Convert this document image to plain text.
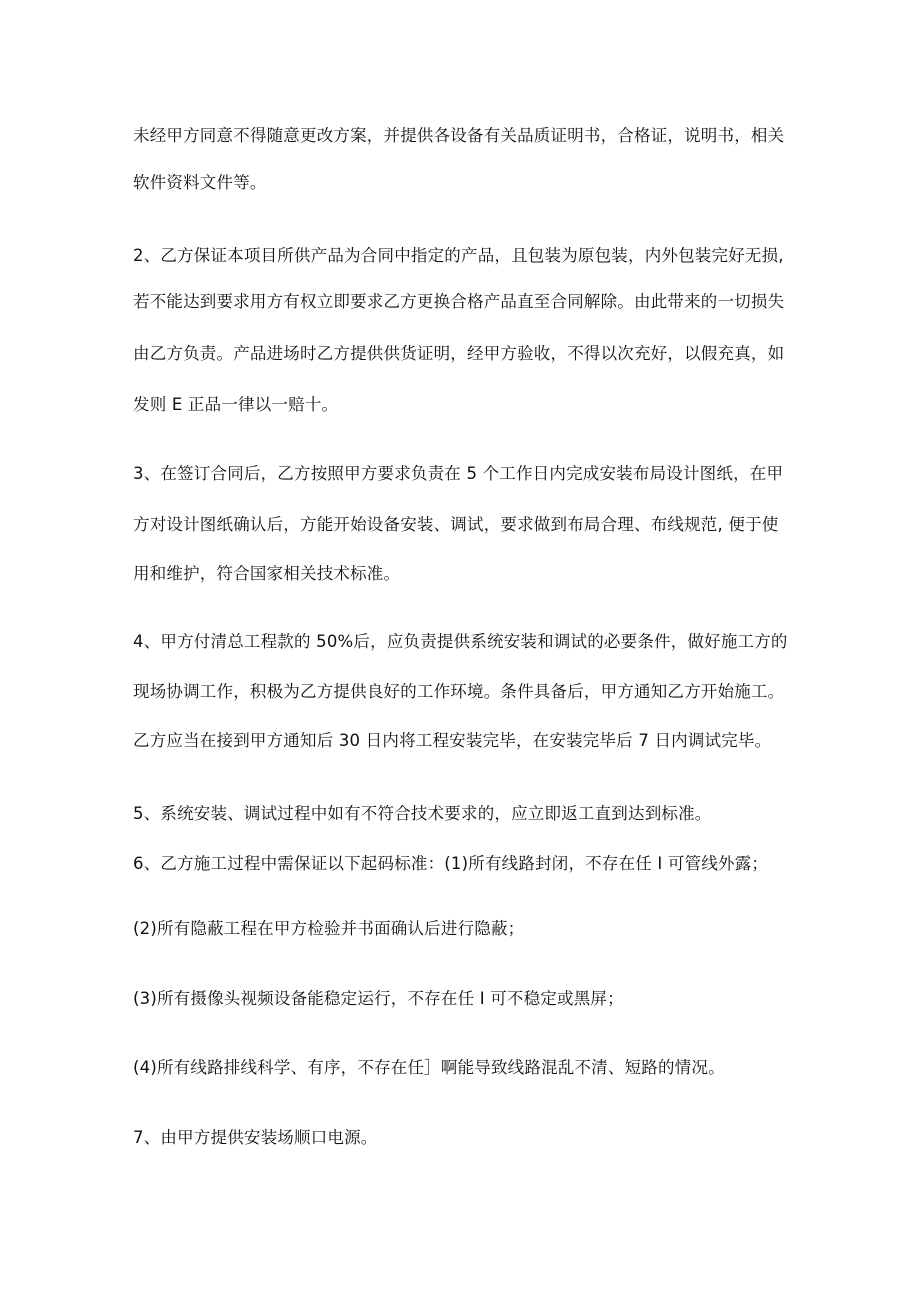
未经甲方同意不得随意更改方案，并提供各设备有关品质证明书，合格证，说明书，相关
软件资料文件等。
2、乙方保证本项目所供产品为合同中指定的产品，且包装为原包装，内外包装完好无损,
若不能达到要求用方有权立即要求乙方更换合格产品直至合同解除。由此带来的一切损失
由乙方负责。产品进场时乙方提供供货证明，经甲方验收，不得以次充好，以假充真，如
发则 E 正品一律以一赔十。
3、在签订合同后，乙方按照甲方要求负责在 5 个工作日内完成安装布局设计图纸，在甲
方对设计图纸确认后，方能开始设备安装、调试，要求做到布局合理、布线规范, 便于使
用和维护，符合国家相关技术标准。
4、甲方付清总工程款的 50%后，应负责提供系统安装和调试的必要条件，做好施工方的
现场协调工作，积极为乙方提供良好的工作环境。条件具备后，甲方通知乙方开始施工。
乙方应当在接到甲方通知后 30 日内将工程安装完毕，在安装完毕后 7 日内调试完毕。
5、系统安装、调试过程中如有不符合技术要求的，应立即返工直到达到标准。
6、乙方施工过程中需保证以下起码标准：(1)所有线路封闭，不存在任 I 可管线外露；
(2)所有隐蔽工程在甲方检验并书面确认后进行隐蔽；
(3)所有摄像头视频设备能稳定运行，不存在任 I 可不稳定或黑屏；
(4)所有线路排线科学、有序，不存在任］啊能导致线路混乱不清、短路的情况。
7、由甲方提供安装场顺口电源。
